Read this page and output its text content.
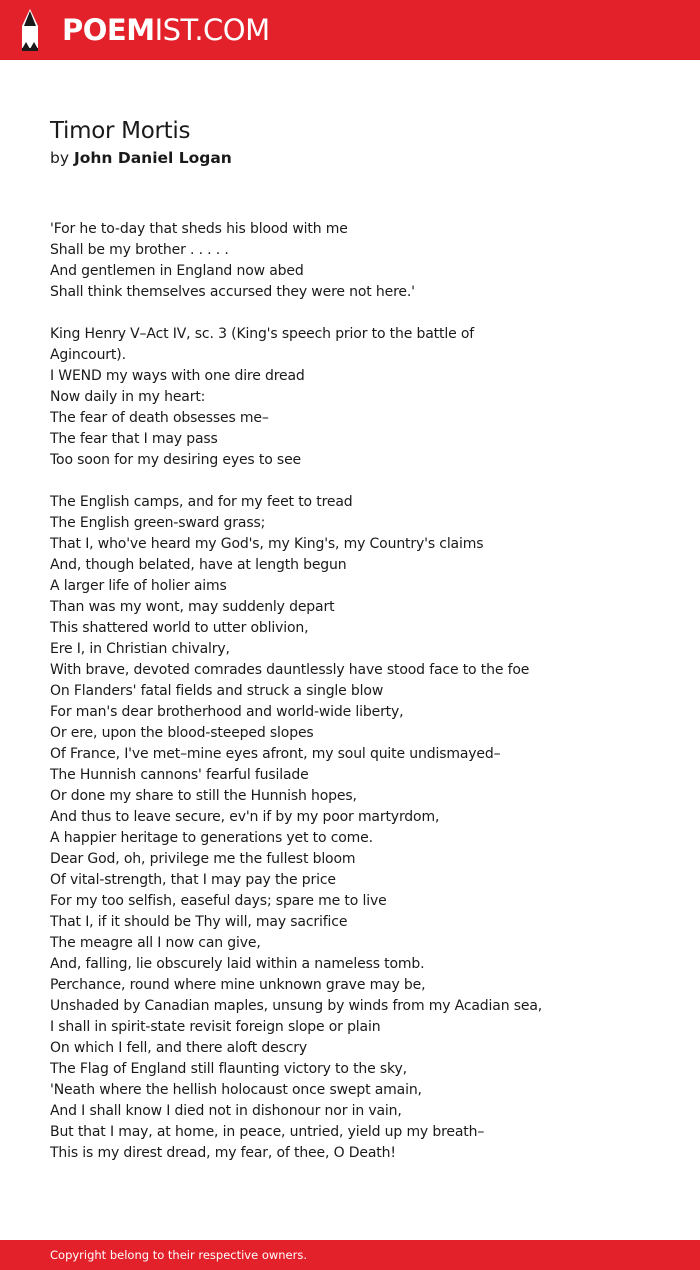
POEMIST.COM
Timor Mortis
by John Daniel Logan
'For he to-day that sheds his blood with me
Shall be my brother . . . . .
And gentlemen in England now abed
Shall think themselves accursed they were not here.'
King Henry V–Act IV, sc. 3 (King's speech prior to the battle of
Agincourt).
I WEND my ways with one dire dread
Now daily in my heart:
The fear of death obsesses me–
The fear that I may pass
Too soon for my desiring eyes to see
The English camps, and for my feet to tread
The English green-sward grass;
That I, who've heard my God's, my King's, my Country's claims
And, though belated, have at length begun
A larger life of holier aims
Than was my wont, may suddenly depart
This shattered world to utter oblivion,
Ere I, in Christian chivalry,
With brave, devoted comrades dauntlessly have stood face to the foe
On Flanders' fatal fields and struck a single blow
For man's dear brotherhood and world-wide liberty,
Or ere, upon the blood-steeped slopes
Of France, I've met–mine eyes afront, my soul quite undismayed–
The Hunnish cannons' fearful fusilade
Or done my share to still the Hunnish hopes,
And thus to leave secure, ev'n if by my poor martyrdom,
A happier heritage to generations yet to come.
Dear God, oh, privilege me the fullest bloom
Of vital-strength, that I may pay the price
For my too selfish, easeful days; spare me to live
That I, if it should be Thy will, may sacrifice
The meagre all I now can give,
And, falling, lie obscurely laid within a nameless tomb.
Perchance, round where mine unknown grave may be,
Unshaded by Canadian maples, unsung by winds from my Acadian sea,
I shall in spirit-state revisit foreign slope or plain
On which I fell, and there aloft descry
The Flag of England still flaunting victory to the sky,
'Neath where the hellish holocaust once swept amain,
And I shall know I died not in dishonour nor in vain,
But that I may, at home, in peace, untried, yield up my breath–
This is my direst dread, my fear, of thee, O Death!
Copyright belong to their respective owners.
